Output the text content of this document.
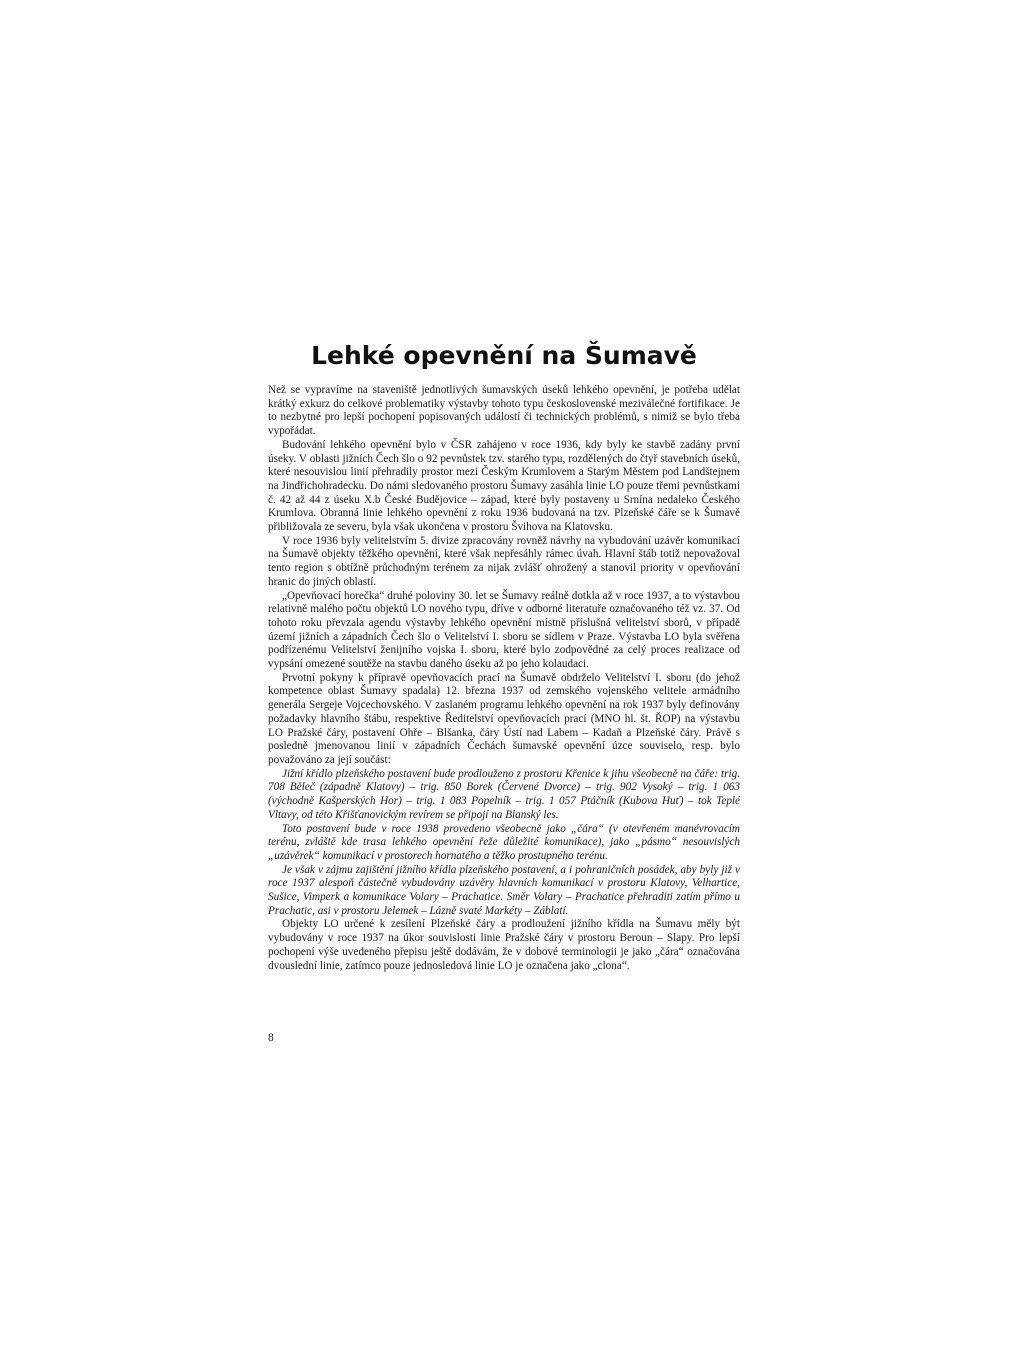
Lehké opevnění na Šumavě

Než se vypravíme na staveniště jednotlivých šumavských úseků lehkého opevnění, je potřeba udělat krátký exkurz do celkové problematiky výstavby tohoto typu československé meziválečné fortifikace. Je to nezbytné pro lepší pochopení popisovaných událostí či technických problémů, s nimiž se bylo třeba vypořádat.

Budování lehkého opevnění bylo v ČSR zahájeno v roce 1936, kdy byly ke stavbě zadány první úseky. V oblasti jižních Čech šlo o 92 pevnůstek tzv. starého typu, rozdělených do čtyř stavebních úseků, které nesouvislou linií přehradily prostor mezi Českým Krumlovem a Starým Městem pod Landštejnem na Jindřichohradecku. Do námi sledovaného prostoru Šumavy zasáhla linie LO pouze třemi pevnůstkami č. 42 až 44 z úseku X.b České Budějovice – západ, které byly postaveny u Srnína nedaleko Českého Krumlova. Obranná linie lehkého opevnění z roku 1936 budovaná na tzv. Plzeňské čáře se k Šumavě přibližovala ze severu, byla však ukončena v prostoru Švihova na Klatovsku.

V roce 1936 byly velitelstvím 5. divize zpracovány rovněž návrhy na vybudování uzávěr komunikací na Šumavě objekty těžkého opevnění, které však nepřesáhly rámec úvah. Hlavní štáb totiž nepovažoval tento region s obtížně průchodným terénem za nijak zvlášť ohrožený a stanovil priority v opevňování hranic do jiných oblastí.

„Opevňovací horečka“ druhé poloviny 30. let se Šumavy reálně dotkla až v roce 1937, a to výstavbou relativně malého počtu objektů LO nového typu, dříve v odborné literatuře označovaného též vz. 37. Od tohoto roku převzala agendu výstavby lehkého opevnění místně příslušná velitelství sborů, v případě území jižních a západních Čech šlo o Velitelství I. sboru se sídlem v Praze. Výstavba LO byla svěřena podřízenému Velitelství ženijního vojska I. sboru, které bylo zodpovědné za celý proces realizace od vypsání omezené soutěže na stavbu daného úseku až po jeho kolaudaci.

Prvotní pokyny k přípravě opevňovacích prací na Šumavě obdrželo Velitelství I. sboru (do jehož kompetence oblast Šumavy spadala) 12. března 1937 od zemského vojenského velitele armádního generála Sergeje Vojcechovského. V zaslaném programu lehkého opevnění na rok 1937 byly definovány požadavky hlavního štábu, respektive Ředitelství opevňovacích prací (MNO hl. št. ŘOP) na výstavbu LO Pražské čáry, postavení Ohře – Blšanka, čáry Ústí nad Labem – Kadaň a Plzeňské čáry. Právě s posledně jmenovanou linií v západních Čechách šumavské opevnění úzce souviselo, resp. bylo považováno za její součást:

Jižní křídlo plzeňského postavení bude prodlouženo z prostoru Křenice k jihu všeobecně na čáře: trig. 708 Běleč (západně Klatovy) – trig. 850 Borek (Červené Dvorce) – trig. 902 Vysoký – trig. 1 063 (východně Kašperských Hor) – trig. 1 083 Popelník – trig. 1 057 Ptáčník (Kubova Huť) – tok Teplé Vltavy, od této Křišťanovickým revírem se připojí na Blanský les.

Toto postavení bude v roce 1938 provedeno všeobecně jako „čára“ (v otevřeném manévrovacím terénu, zvláště kde trasa lehkého opevnění řeže důležité komunikace), jako „pásmo“ nesouvislých „uzávěrek“ komunikací v prostorech hornatého a těžko prostupného terénu.

Je však v zájmu zajištění jižního křídla plzeňského postavení, a i pohraničních posádek, aby byly již v roce 1937 alespoň částečně vybudovány uzávěry hlavních komunikací v prostoru Klatovy, Velhartice, Sušice, Vimperk a komunikace Volary – Prachatice. Směr Volary – Prachatice přehraditi zatím přímo u Prachatic, asi v prostoru Jelemek – Lázně svaté Markéty – Záblatí.

Objekty LO určené k zesílení Plzeňské čáry a prodloužení jižního křídla na Šumavu měly být vybudovány v roce 1937 na úkor souvislosti linie Pražské čáry v prostoru Beroun – Slapy. Pro lepší pochopení výše uvedeného přepisu ještě dodávám, že v dobové terminologii je jako „čára“ označována dvouslední linie, zatímco pouze jednosledová linie LO je označena jako „clona“.

8
